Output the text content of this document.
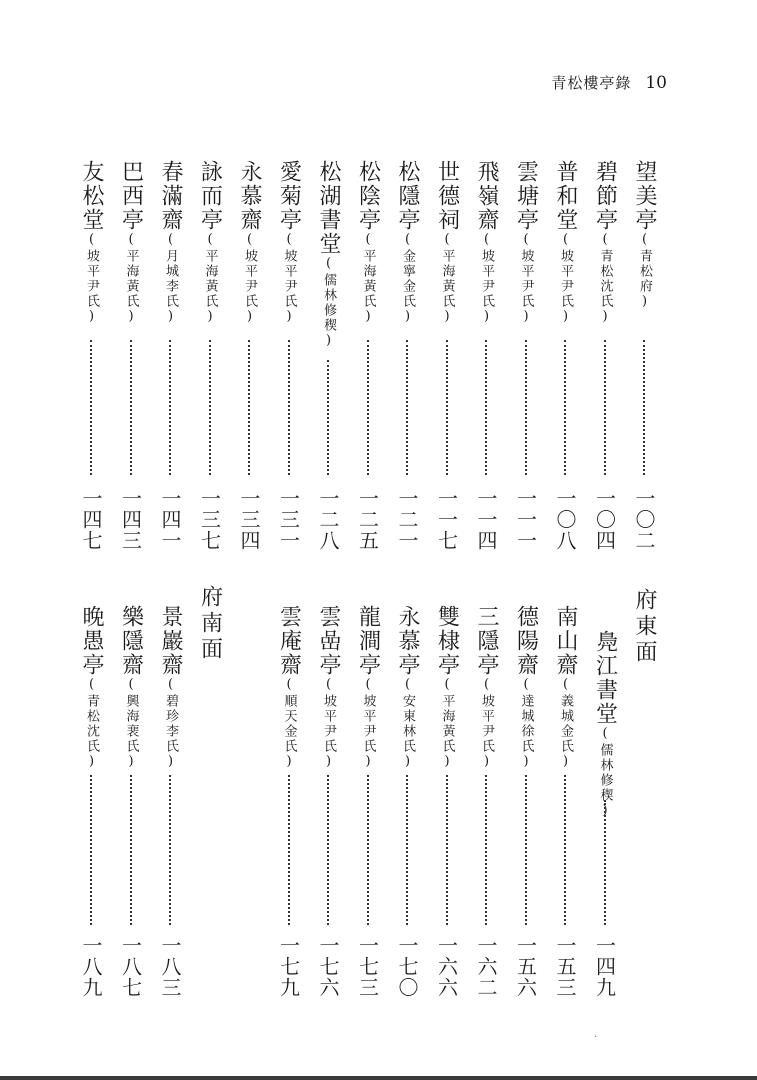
青松樓亭錄 10
望美亭(青松府)
一〇二
碧節亭(青松沈氏)
一〇四
普和堂(坡平尹氏)
一〇八
雲塘亭(坡平尹氏)
一一一
飛嶺齋(坡平尹氏)
一一四
世德祠(平海黃氏)
一一七
松隱亭(金寧金氏)
一二一
松陰亭(平海黃氏)
一二五
松湖書堂(儒林修稧)
一二八
愛菊亭(坡平尹氏)
一三一
永慕齋(坡平尹氏)
一三四
詠而亭(平海黃氏)
一三七
春滿齋(月城李氏)
一四一
巴西亭(平海黃氏)
一四三
友松堂(坡平尹氏)
一四七
府東面
鳧江書堂(儒林修稧)
一四九
南山齋(義城金氏)
一五三
德陽齋(達城徐氏)
一五六
三隱亭(坡平尹氏)
一六二
雙棣亭(平海黃氏)
一六六
永慕亭(安東林氏)
一七〇
龍澗亭(坡平尹氏)
一七三
雲嵒亭(坡平尹氏)
一七六
雲庵齋(順天金氏)
一七九
府南面
景巖齋(碧珍李氏)
一八三
樂隱齋(興海裵氏)
一八七
晚愚亭(青松沈氏)
一八九
·
